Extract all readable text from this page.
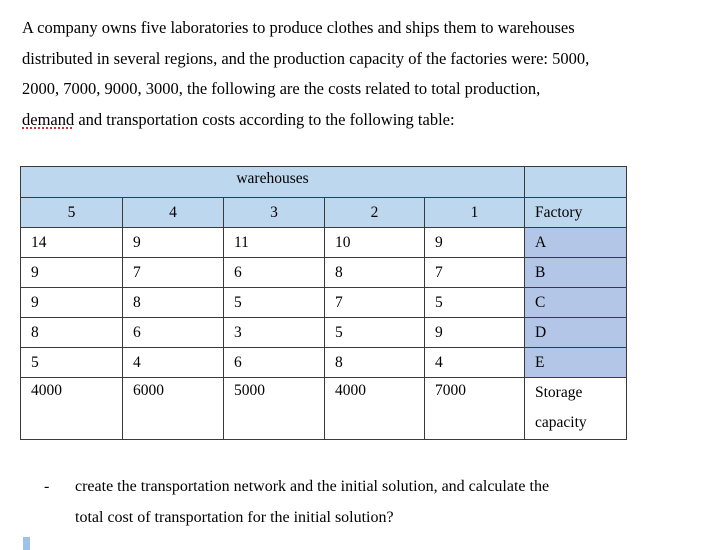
A company owns five laboratories to produce clothes and ships them to warehouses
distributed in several regions, and the production capacity of the factories were: 5000,
2000, 7000, 9000, 3000, the following are the costs related to total production,
demand and transportation costs according to the following table:
warehouses					
5	4	3	2	1	Factory
14	9	11	10	9	A
9	7	6	8	7	B
9	8	5	7	5	C
8	6	3	5	9	D
5	4	6	8	4	E
4000	6000	5000	4000	7000	Storage
capacity
- create the transportation network and the initial solution, and calculate the
total cost of transportation for the initial solution?
